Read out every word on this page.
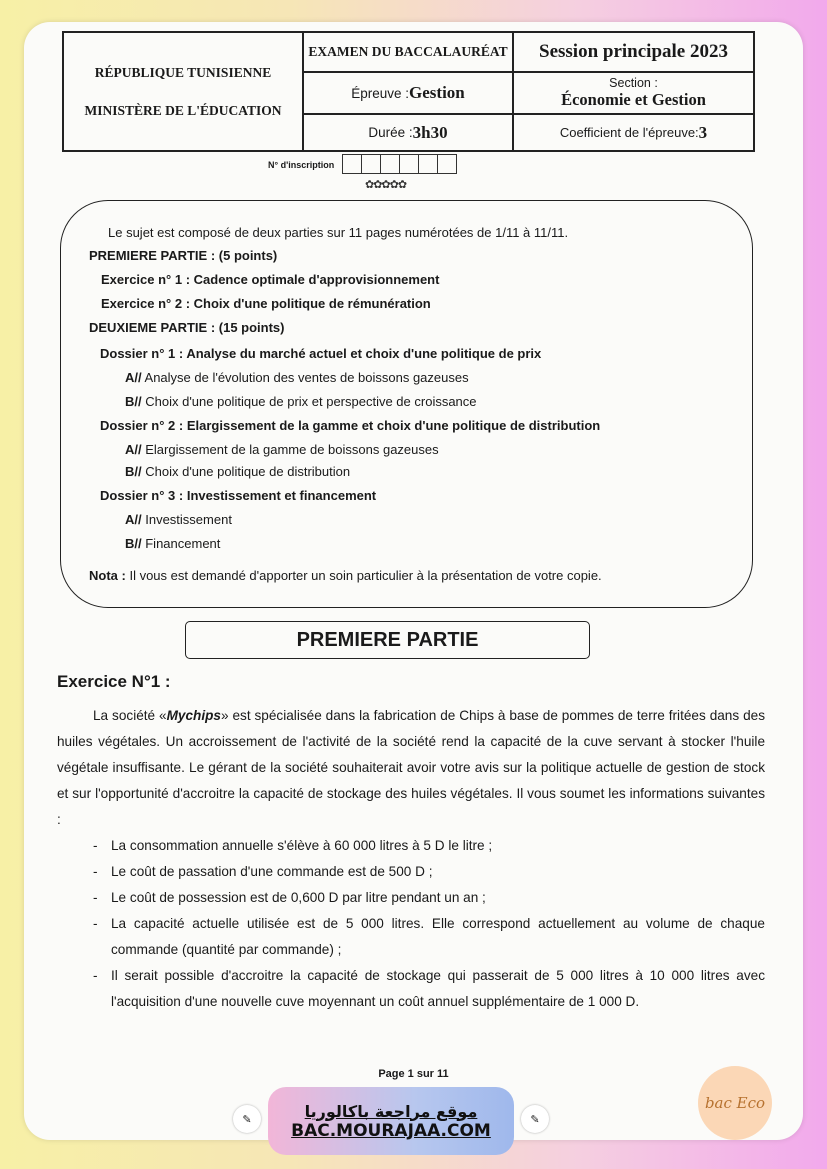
RÉPUBLIQUE TUNISIENNE
MINISTÈRE DE L'ÉDUCATION
EXAMEN DU BACCALAURÉAT	Session principale 2023
Épreuve : Gestion	Section :
Économie et Gestion
Durée : 3h30	Coefficient de l'épreuve: 3
N° d'inscription
✿✿✿✿✿
Le sujet est composé de deux parties sur 11 pages numérotées de 1/11 à 11/11.
PREMIERE PARTIE : (5 points)
Exercice n° 1 : Cadence optimale d'approvisionnement
Exercice n° 2 : Choix d'une politique de rémunération
DEUXIEME PARTIE : (15 points)
Dossier n° 1 : Analyse du marché actuel et choix d'une politique de prix
A// Analyse de l'évolution des ventes de boissons gazeuses
B// Choix d'une politique de prix et perspective de croissance
Dossier n° 2 : Elargissement de la gamme et choix d'une politique de distribution
A// Elargissement de la gamme de boissons gazeuses
B// Choix d'une politique de distribution
Dossier n° 3 : Investissement et financement
A// Investissement
B// Financement
Nota : Il vous est demandé d'apporter un soin particulier à la présentation de votre copie.
PREMIERE PARTIE
Exercice N°1 :
La société «Mychips» est spécialisée dans la fabrication de Chips à base de pommes de terre fritées dans des huiles végétales. Un accroissement de l'activité de la société rend la capacité de la cuve servant à stocker l'huile végétale insuffisante. Le gérant de la société souhaiterait avoir votre avis sur la politique actuelle de gestion de stock et sur l'opportunité d'accroitre la capacité de stockage des huiles végétales. Il vous soumet les informations suivantes :
- La consommation annuelle s'élève à 60 000 litres à 5 D le litre ;
- Le coût de passation d'une commande est de 500 D ;
- Le coût de possession est de 0,600 D par litre pendant un an ;
- La capacité actuelle utilisée est de 5 000 litres. Elle correspond actuellement au volume de chaque commande (quantité par commande) ;
- Il serait possible d'accroitre la capacité de stockage qui passerait de 5 000 litres à 10 000 litres avec l'acquisition d'une nouvelle cuve moyennant un coût annuel supplémentaire de 1 000 D.
Page 1 sur 11
✎	موقع مراجعة باكالوريا
BAC.MOURAJAA.COM
✎
bac Eco
